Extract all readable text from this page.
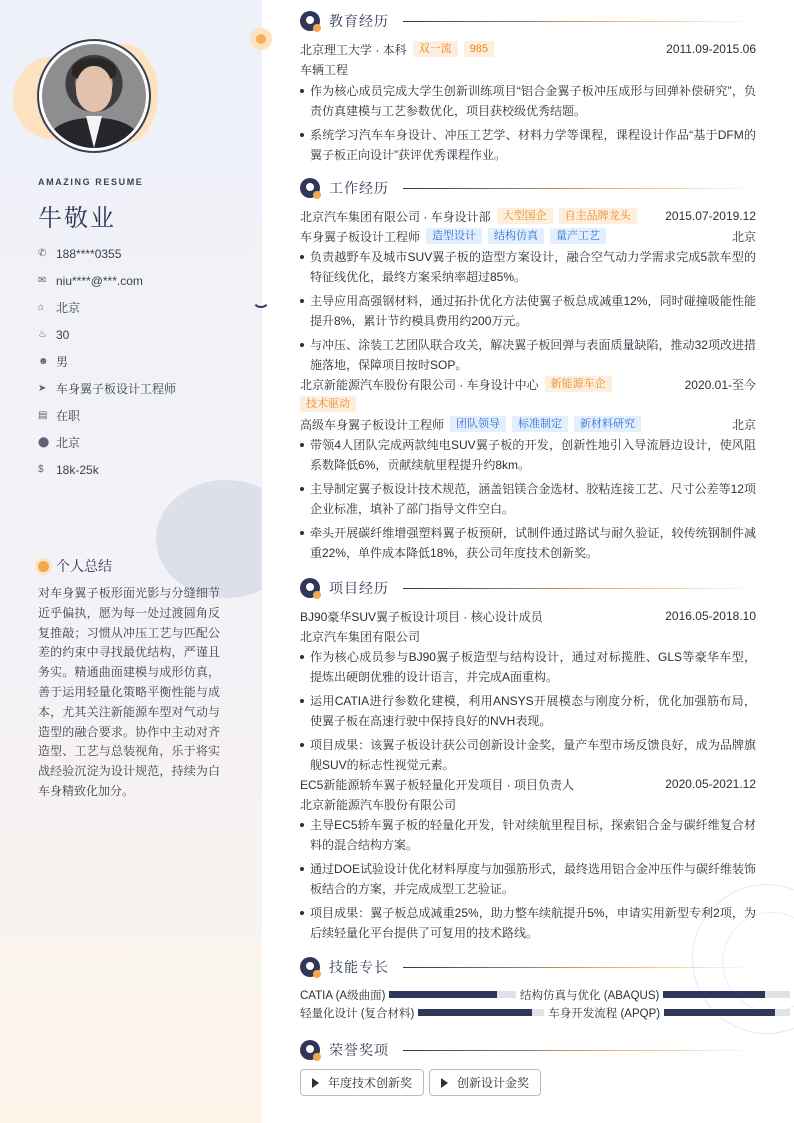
AMAZING RESUME
牛敬业
✆ 188****0355
✉ niu****@***.com
⌂ 北京
♨ 30
☻ 男
➤ 车身翼子板设计工程师
▤ 在职
⬤ 北京
$	18k-25k
个人总结
对车身翼子板形面光影与分缝细节近乎偏执，愿为每一处过渡圆角反复推敲；习惯从冲压工艺与匹配公差的约束中寻找最优结构，严谨且务实。精通曲面建模与成形仿真，善于运用轻量化策略平衡性能与成本，尤其关注新能源车型对气动与造型的融合要求。协作中主动对齐造型、工艺与总装视角，乐于将实战经验沉淀为设计规范，持续为白车身精致化加分。
教育经历
北京理工大学 · 本科	双一流 985	2011.09-2015.06
车辆工程
作为核心成员完成大学生创新训练项目“铝合金翼子板冲压成形与回弹补偿研究”，负责仿真建模与工艺参数优化，项目获校级优秀结题。
系统学习汽车车身设计、冲压工艺学、材料力学等课程，课程设计作品“基于DFM的翼子板正向设计”获评优秀课程作业。
工作经历
北京汽车集团有限公司 · 车身设计部	大型国企 自主品牌龙头	2015.07-2019.12
车身翼子板设计工程师	造型设计	结构仿真	量产工艺	北京
负责越野车及城市SUV翼子板的造型方案设计，融合空气动力学需求完成5款车型的特征线优化，最终方案采纳率超过85%。
主导应用高强钢材料，通过拓扑优化方法使翼子板总成减重12%，同时碰撞吸能性能提升8%，累计节约模具费用约200万元。
与冲压、涂装工艺团队联合攻关，解决翼子板回弹与表面质量缺陷，推动32项改进措施落地，保障项目按时SOP。
北京新能源汽车股份有限公司 · 车身设计中心	新能源车企	2020.01-至今
技术驱动
高级车身翼子板设计工程师	团队领导	标准制定	新材料研究	北京
带领4人团队完成两款纯电SUV翼子板的开发，创新性地引入导流唇边设计，使风阻系数降低6%，贡献续航里程提升约8km。
主导制定翼子板设计技术规范，涵盖铝镁合金选材、胶粘连接工艺、尺寸公差等12项企业标准，填补了部门指导文件空白。
牵头开展碳纤维增强塑料翼子板预研，试制件通过路试与耐久验证，较传统钢制件减重22%，单件成本降低18%，获公司年度技术创新奖。
项目经历
BJ90豪华SUV翼子板设计项目 · 核心设计成员	2016.05-2018.10
北京汽车集团有限公司
作为核心成员参与BJ90翼子板造型与结构设计，通过对标揽胜、GLS等豪华车型，提炼出硬朗优雅的设计语言，并完成A面重构。
运用CATIA进行参数化建模，利用ANSYS开展模态与刚度分析，优化加强筋布局，使翼子板在高速行驶中保持良好的NVH表现。
项目成果：该翼子板设计获公司创新设计金奖，量产车型市场反馈良好，成为品牌旗舰SUV的标志性视觉元素。
EC5新能源轿车翼子板轻量化开发项目 · 项目负责人	2020.05-2021.12
北京新能源汽车股份有限公司
主导EC5轿车翼子板的轻量化开发，针对续航里程目标，探索铝合金与碳纤维复合材料的混合结构方案。
通过DOE试验设计优化材料厚度与加强筋形式，最终选用铝合金冲压件与碳纤维装饰板结合的方案，并完成成型工艺验证。
项目成果：翼子板总成减重25%，助力整车续航提升5%，申请实用新型专利2项，为后续轻量化平台提供了可复用的技术路线。
技能专长
CATIA (A级曲面)	结构仿真与优化 (ABAQUS)
轻量化设计 (复合材料)	车身开发流程 (APQP)
荣誉奖项
年度技术创新奖	创新设计金奖
